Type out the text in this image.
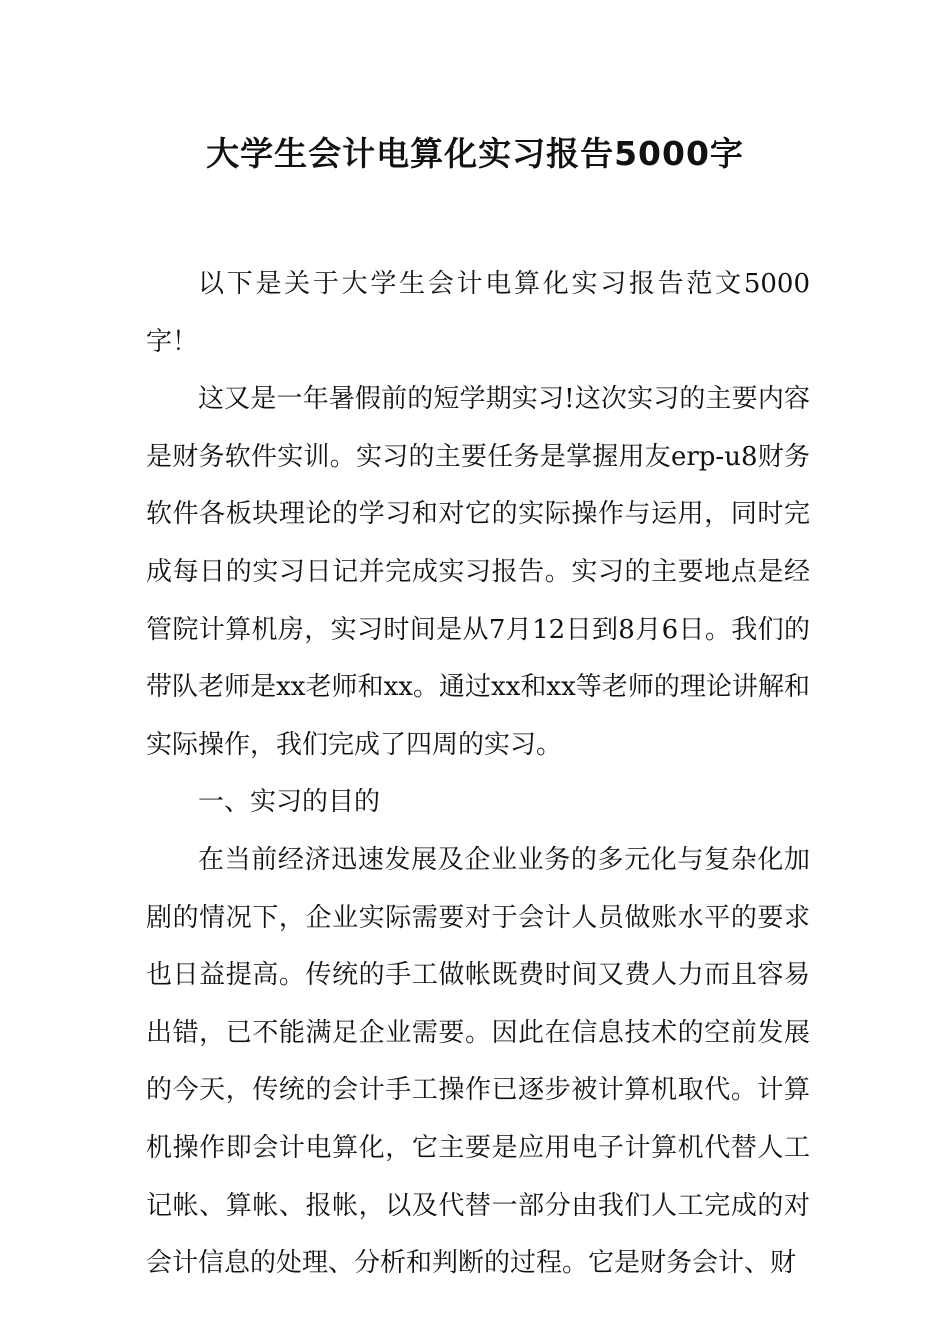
大学生会计电算化实习报告5000字

以下是关于大学生会计电算化实习报告范文5000字！

这又是一年暑假前的短学期实习!这次实习的主要内容是财务软件实训。实习的主要任务是掌握用友erp-u8财务软件各板块理论的学习和对它的实际操作与运用，同时完成每日的实习日记并完成实习报告。实习的主要地点是经管院计算机房，实习时间是从7月12日到8月6日。我们的带队老师是xx老师和xx。通过xx和xx等老师的理论讲解和实际操作，我们完成了四周的实习。

一、实习的目的

在当前经济迅速发展及企业业务的多元化与复杂化加剧的情况下，企业实际需要对于会计人员做账水平的要求也日益提高。传统的手工做帐既费时间又费人力而且容易出错，已不能满足企业需要。因此在信息技术的空前发展的今天，传统的会计手工操作已逐步被计算机取代。计算机操作即会计电算化，它主要是应用电子计算机代替人工记帐、算帐、报帐，以及代替一部分由我们人工完成的对会计信息的处理、分析和判断的过程。它是财务会计、财
